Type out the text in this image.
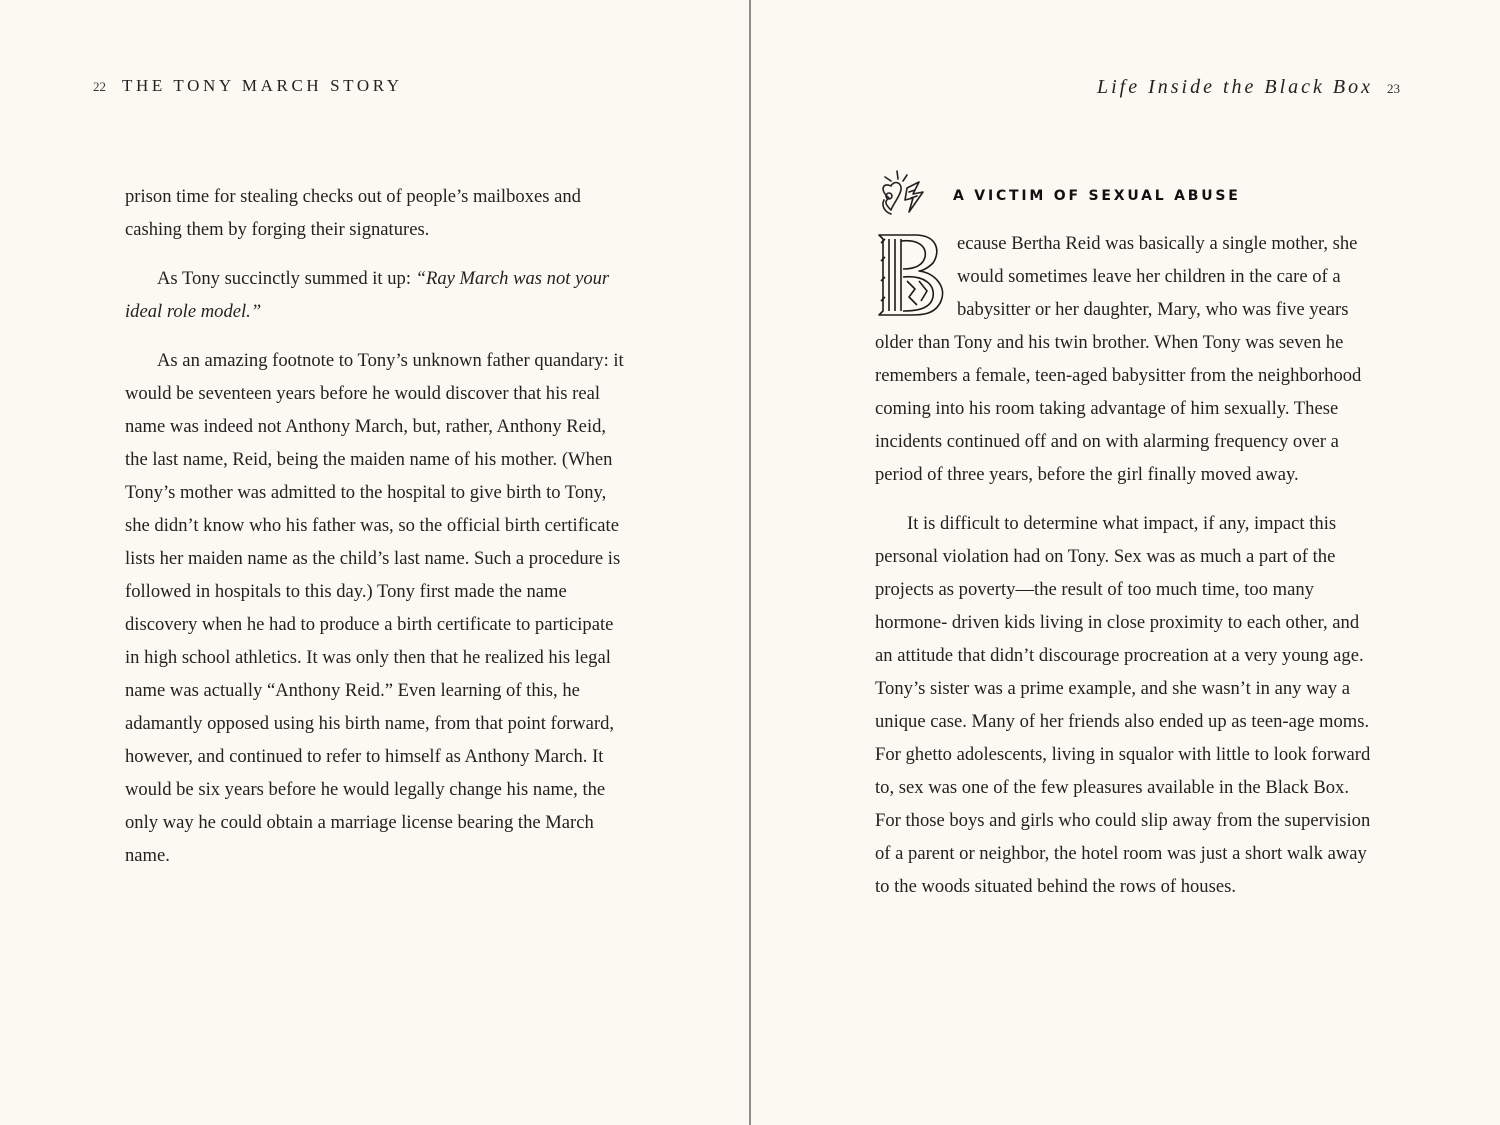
22 THE TONY MARCH STORY

prison time for stealing checks out of people’s mailboxes and cashing them by forging their signatures.

As Tony succinctly summed it up: “Ray March was not your ideal role model.”

As an amazing footnote to Tony’s unknown father quandary: it would be seventeen years before he would discover that his real name was indeed not Anthony March, but, rather, Anthony Reid, the last name, Reid, being the maiden name of his mother. (When Tony’s mother was admitted to the hospital to give birth to Tony, she didn’t know who his father was, so the official birth certificate lists her maiden name as the child’s last name. Such a procedure is followed in hospitals to this day.) Tony first made the name discovery when he had to produce a birth certificate to participate in high school athletics. It was only then that he realized his legal name was actually “Anthony Reid.” Even learning of this, he adamantly opposed using his birth name, from that point forward, however, and continued to refer to himself as Anthony March. It would be six years before he would legally change his name, the only way he could obtain a marriage license bearing the March name.

Life Inside the Black Box 23
A VICTIM OF SEXUAL ABUSE

ecause Bertha Reid was basically a single mother, she would sometimes leave her children in the care of a babysitter or her daughter, Mary, who was five years older than Tony and his twin brother. When Tony was seven he remembers a female, teen-aged babysitter from the neighborhood coming into his room taking advantage of him sexually. These incidents continued off and on with alarming frequency over a period of three years, before the girl finally moved away.

It is difficult to determine what impact, if any, impact this personal violation had on Tony. Sex was as much a part of the projects as poverty—the result of too much time, too many hormone- driven kids living in close proximity to each other, and an attitude that didn’t discourage procreation at a very young age. Tony’s sister was a prime example, and she wasn’t in any way a unique case. Many of her friends also ended up as teen-age moms. For ghetto adolescents, living in squalor with little to look forward to, sex was one of the few pleasures available in the Black Box. For those boys and girls who could slip away from the supervision of a parent or neighbor, the hotel room was just a short walk away to the woods situated behind the rows of houses.
